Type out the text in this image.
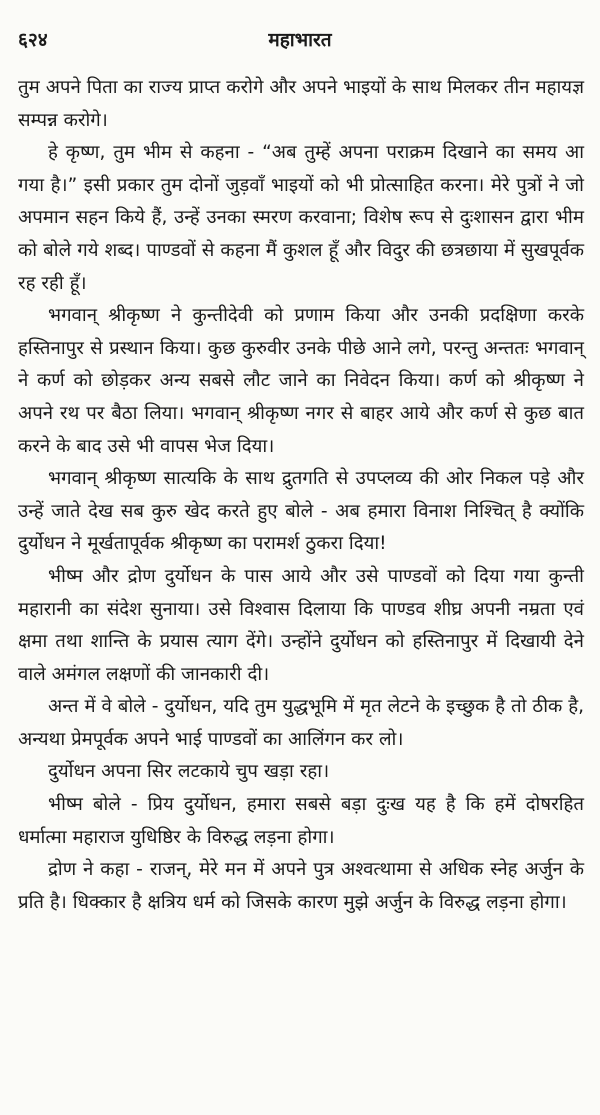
६२४	महाभारत

तुम अपने पिता का राज्य प्राप्त करोगे और अपने भाइयों के साथ मिलकर तीन महायज्ञ सम्पन्न करोगे।

हे कृष्ण, तुम भीम से कहना - “अब तुम्हें अपना पराक्रम दिखाने का समय आ गया है।” इसी प्रकार तुम दोनों जुड़वाँ भाइयों को भी प्रोत्साहित करना। मेरे पुत्रों ने जो अपमान सहन किये हैं, उन्हें उनका स्मरण करवाना; विशेष रूप से दुःशासन द्वारा भीम को बोले गये शब्द। पाण्डवों से कहना मैं कुशल हूँ और विदुर की छत्रछाया में सुखपूर्वक रह रही हूँ।

भगवान् श्रीकृष्ण ने कुन्तीदेवी को प्रणाम किया और उनकी प्रदक्षिणा करके हस्तिनापुर से प्रस्थान किया। कुछ कुरुवीर उनके पीछे आने लगे, परन्तु अन्ततः भगवान् ने कर्ण को छोड़कर अन्य सबसे लौट जाने का निवेदन किया। कर्ण को श्रीकृष्ण ने अपने रथ पर बैठा लिया। भगवान् श्रीकृष्ण नगर से बाहर आये और कर्ण से कुछ बात करने के बाद उसे भी वापस भेज दिया।

भगवान् श्रीकृष्ण सात्यकि के साथ द्रुतगति से उपप्लव्य की ओर निकल पड़े और उन्हें जाते देख सब कुरु खेद करते हुए बोले - अब हमारा विनाश निश्चित् है क्योंकि दुर्योधन ने मूर्खतापूर्वक श्रीकृष्ण का परामर्श ठुकरा दिया!

भीष्म और द्रोण दुर्योधन के पास आये और उसे पाण्डवों को दिया गया कुन्ती महारानी का संदेश सुनाया। उसे विश्वास दिलाया कि पाण्डव शीघ्र अपनी नम्रता एवं क्षमा तथा शान्ति के प्रयास त्याग देंगे। उन्होंने दुर्योधन को हस्तिनापुर में दिखायी देने वाले अमंगल लक्षणों की जानकारी दी।

अन्त में वे बोले - दुर्योधन, यदि तुम युद्धभूमि में मृत लेटने के इच्छुक है तो ठीक है, अन्यथा प्रेमपूर्वक अपने भाई पाण्डवों का आलिंगन कर लो।

दुर्योधन अपना सिर लटकाये चुप खड़ा रहा।

भीष्म बोले - प्रिय दुर्योधन, हमारा सबसे बड़ा दुःख यह है कि हमें दोषरहित धर्मात्मा महाराज युधिष्ठिर के विरुद्ध लड़ना होगा।

द्रोण ने कहा - राजन्, मेरे मन में अपने पुत्र अश्वत्थामा से अधिक स्नेह अर्जुन के प्रति है। धिक्कार है क्षत्रिय धर्म को जिसके कारण मुझे अर्जुन के विरुद्ध लड़ना होगा।
